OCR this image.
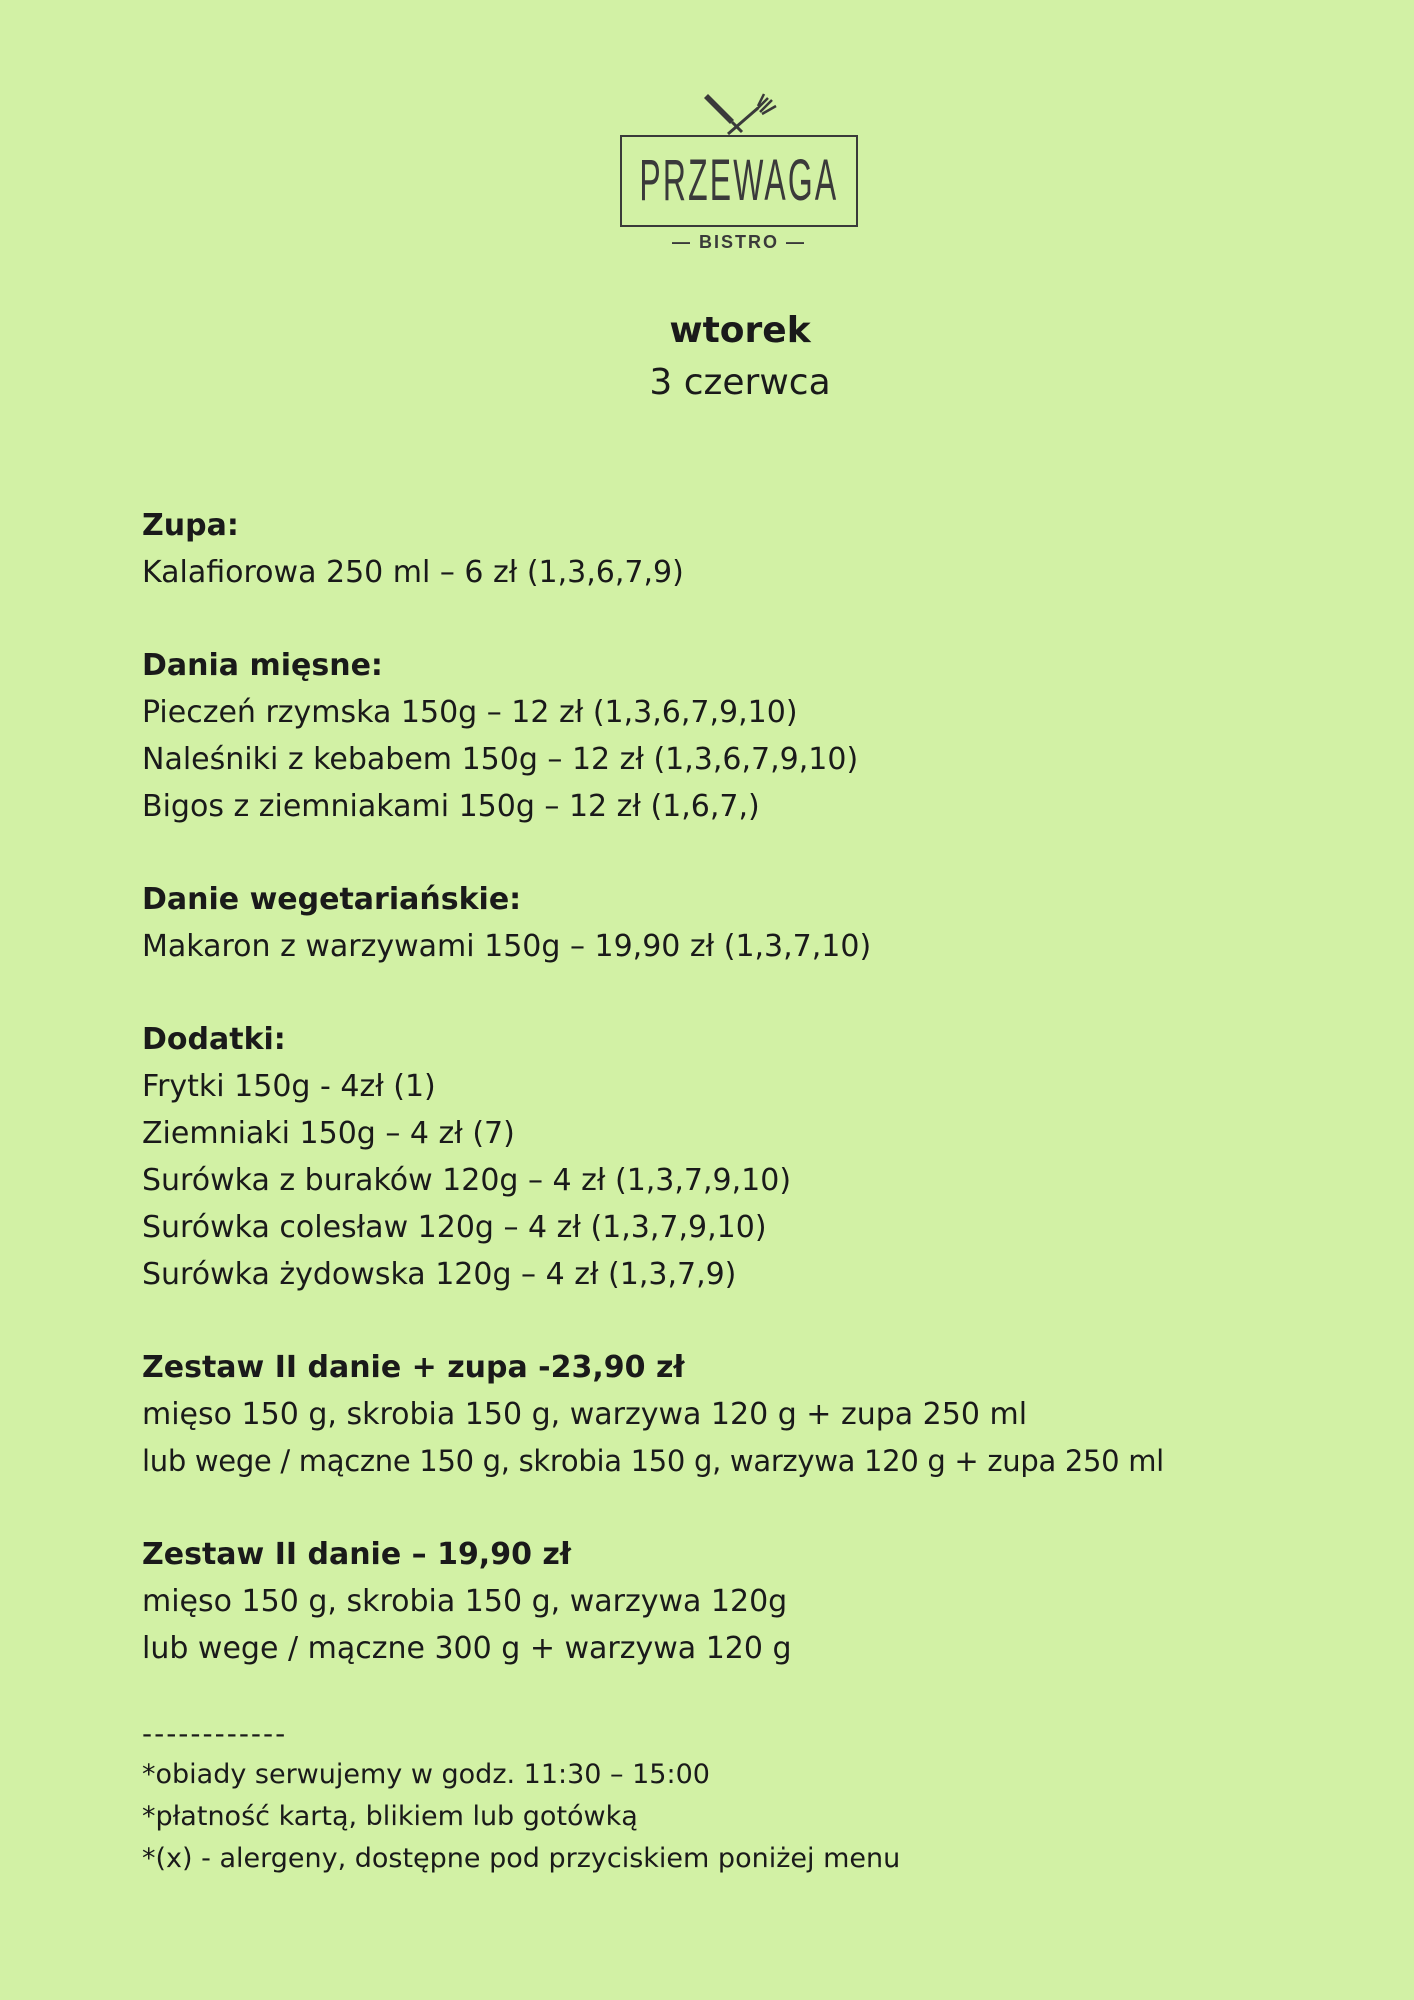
PRZEWAGA
— BISTRO —
wtorek
3 czerwca
Zupa:
Kalafiorowa 250 ml – 6 zł (1,3,6,7,9)
Dania mięsne:
Pieczeń rzymska 150g – 12 zł (1,3,6,7,9,10)
Naleśniki z kebabem 150g – 12 zł (1,3,6,7,9,10)
Bigos z ziemniakami 150g – 12 zł (1,6,7,)
Danie wegetariańskie:
Makaron z warzywami 150g – 19,90 zł (1,3,7,10)
Dodatki:
Frytki 150g - 4zł (1)
Ziemniaki 150g – 4 zł (7)
Surówka z buraków 120g – 4 zł (1,3,7,9,10)
Surówka colesław 120g – 4 zł (1,3,7,9,10)
Surówka żydowska 120g – 4 zł (1,3,7,9)
Zestaw II danie + zupa -23,90 zł
mięso 150 g, skrobia 150 g, warzywa 120 g + zupa 250 ml
lub wege / mączne 150 g, skrobia 150 g, warzywa 120 g + zupa 250 ml
Zestaw II danie – 19,90 zł
mięso 150 g, skrobia 150 g, warzywa 120g
lub wege / mączne 300 g + warzywa 120 g
------------
*obiady serwujemy w godz. 11:30 – 15:00
*płatność kartą, blikiem lub gotówką
*(x) - alergeny, dostępne pod przyciskiem poniżej menu
